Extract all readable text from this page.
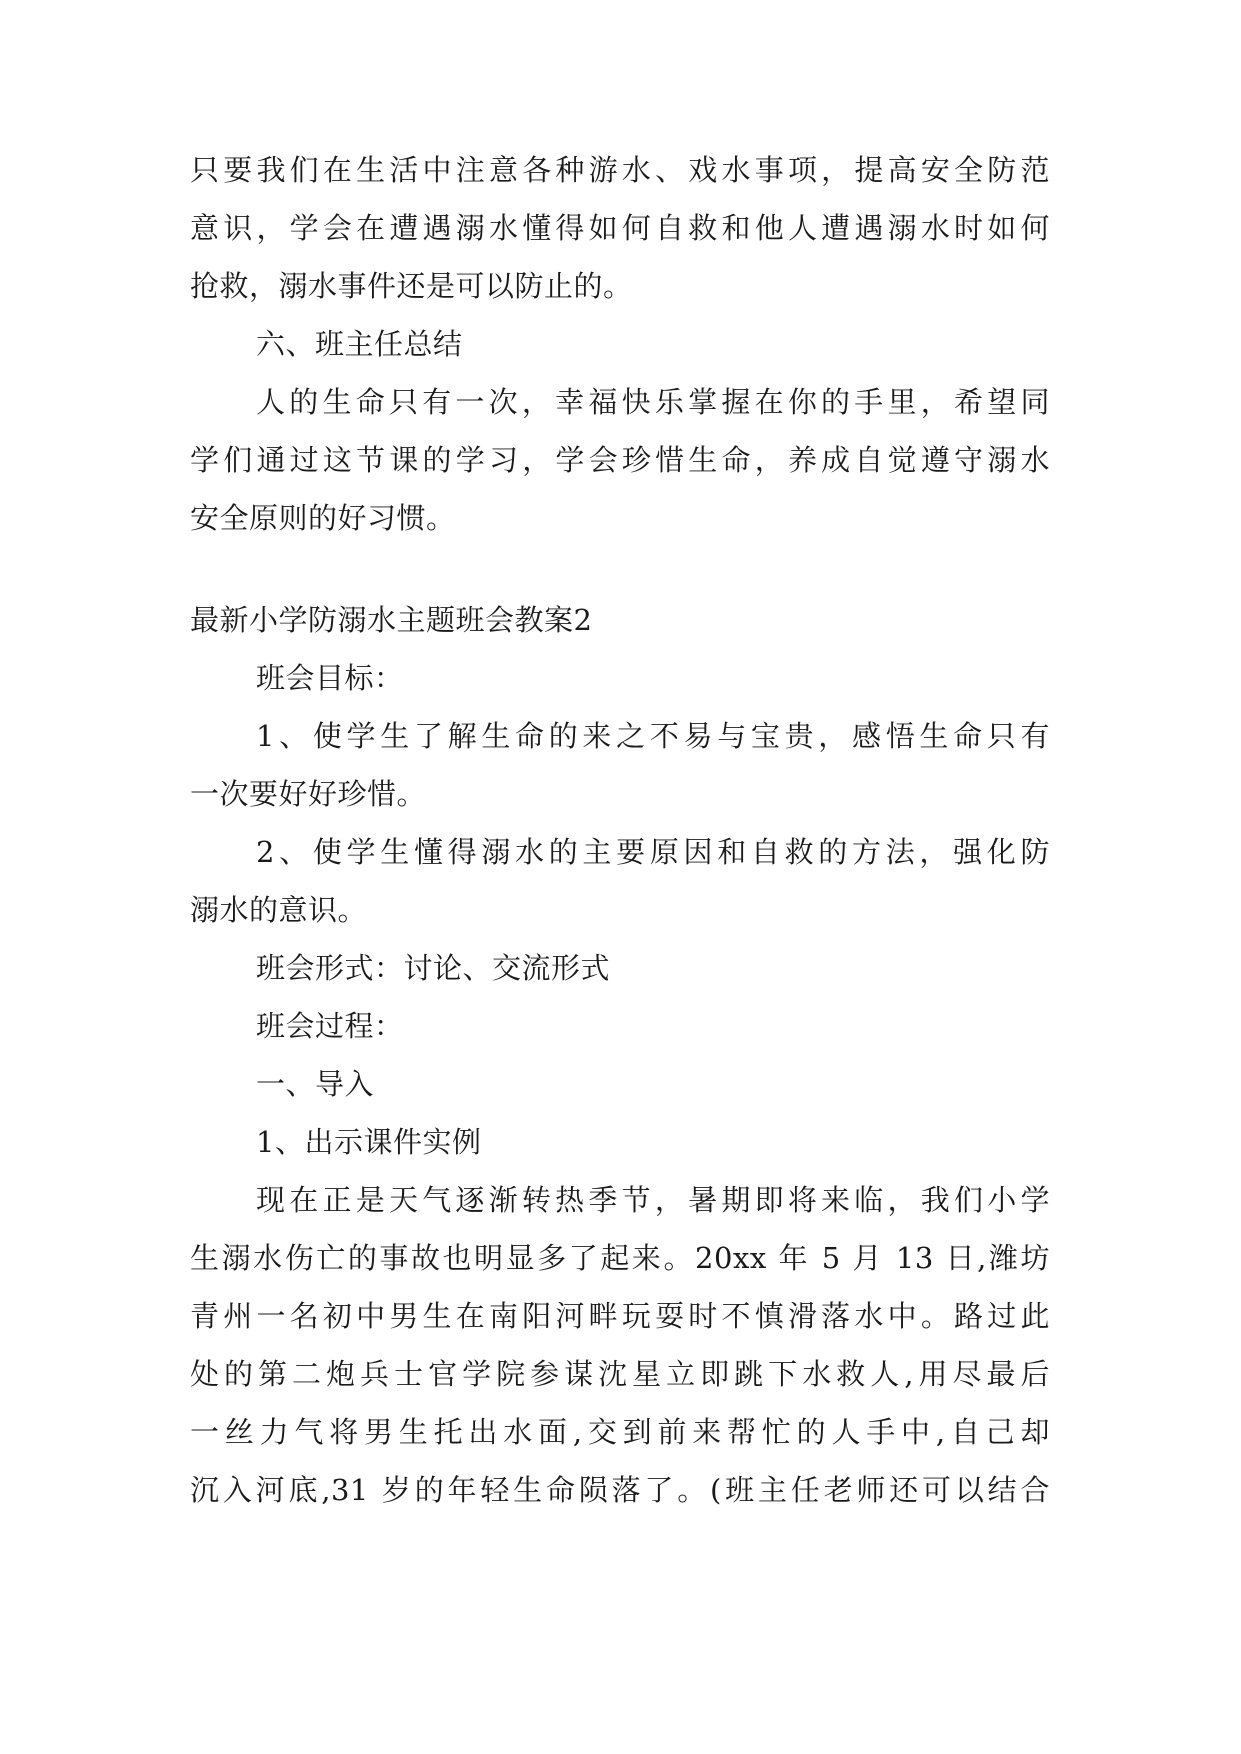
只要我们在生活中注意各种游水、戏水事项，提高安全防范
意识，学会在遭遇溺水懂得如何自救和他人遭遇溺水时如何
抢救，溺水事件还是可以防止的。
六、班主任总结
人的生命只有一次，幸福快乐掌握在你的手里，希望同
学们通过这节课的学习，学会珍惜生命，养成自觉遵守溺水
安全原则的好习惯。
最新小学防溺水主题班会教案2
班会目标：
1、使学生了解生命的来之不易与宝贵，感悟生命只有
一次要好好珍惜。
2、使学生懂得溺水的主要原因和自救的方法，强化防
溺水的意识。
班会形式：讨论、交流形式
班会过程：
一、导入
1、出示课件实例
现在正是天气逐渐转热季节，暑期即将来临，我们小学
生溺水伤亡的事故也明显多了起来。20xx 年 5 月 13 日,潍坊
青州一名初中男生在南阳河畔玩耍时不慎滑落水中。路过此
处的第二炮兵士官学院参谋沈星立即跳下水救人,用尽最后
一丝力气将男生托出水面,交到前来帮忙的人手中,自己却
沉入河底,31 岁的年轻生命陨落了。(班主任老师还可以结合
